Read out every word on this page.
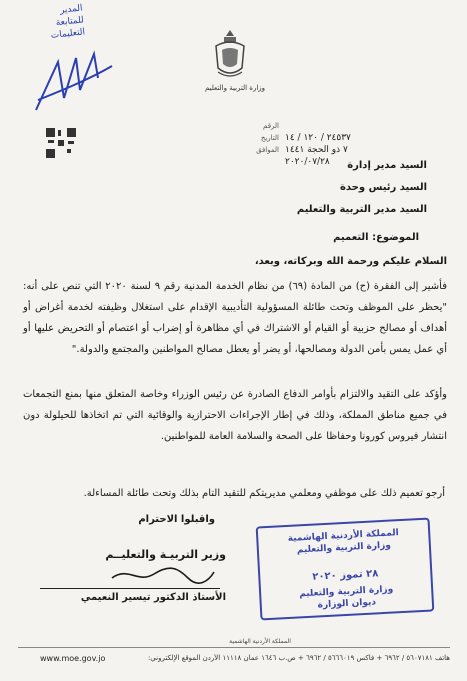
المدير
للمتابعة
التعليمات
وزارة التربية والتعليم
الرقم
التاريخ ٢٤٥٣٧ / ١٢٠ / ١٤
الموافق ٧ ذو الحجة ١٤٤١
٢٠٢٠/٠٧/٢٨	السيد مدير إدارة
السيد رئيس وحدة
السيد مدير التربية والتعليم
الموضوع: التعميم
السلام عليكم ورحمة الله وبركاته، وبعد،
فأشير إلى الفقرة (ح) من المادة (٦٩) من نظام الخدمة المدنية رقم ٩ لسنة ٢٠٢٠ التي تنص على أنه: "يحظر على الموظف وتحت طائلة المسؤولية التأديبية الإقدام على استغلال وظيفته لخدمة أغراض أو أهداف أو مصالح حزبية أو القيام أو الاشتراك في أي مظاهرة أو إضراب أو اعتصام أو التحريض عليها أو أي عمل يمس بأمن الدولة ومصالحها، أو يضر أو يعطل مصالح المواطنين والمجتمع والدولة."
وأؤكد على التقيد والالتزام بأوامر الدفاع الصادرة عن رئيس الوزراء وخاصة المتعلق منها بمنع التجمعات في جميع مناطق المملكة، وذلك في إطار الإجراءات الاحترازية والوقائية التي تم اتخاذها للحيلولة دون انتشار فيروس كورونا وحفاظا على الصحة والسلامة العامة للمواطنين.
أرجو تعميم ذلك على موظفي ومعلمي مديريتكم للتقيد التام بذلك وتحت طائلة المساءلة.
واقبلوا الاحترام
وزير التربيـة والتعليــم
الأستاذ الدكتور تيسير النعيمي
المملكة الأردنية الهاشمية
وزارة التربية والتعليم
٢٨ تموز ٢٠٢٠
وزارة التربية والتعليم
ديوان الوزارة
المملكة الأردنية الهاشمية
هاتف ٥٦٠٧١٨١ / ٦٩٦٢ + فاكس ٥٦٦٦٠١٩ / ٦٩٦٢ + ص.ب ١٦٤٦ عمان ١١١١٨ الأردن الموقع الإلكتروني:
www.moe.gov.jo
